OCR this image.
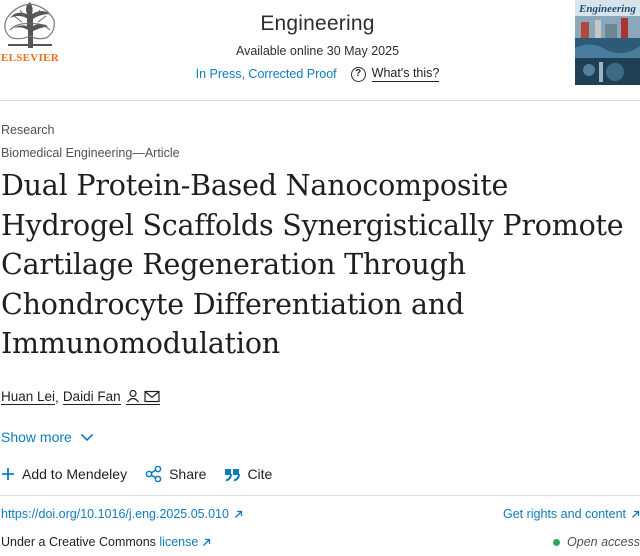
ELSEVIER
Engineering
Available online 30 May 2025
In Press, Corrected Proof	? What's this?
Engineering
Research
Biomedical Engineering—Article
Dual Protein-Based Nanocomposite
Hydrogel Scaffolds Synergistically Promote
Cartilage Regeneration Through
Chondrocyte Differentiation and
Immunomodulation
Huan Lei , Daidi Fan
Show more
Add to Mendeley	Share	Cite
https://doi.org/10.1016/j.eng.2025.05.010	Get rights and content
Under a Creative Commons license	Open access
